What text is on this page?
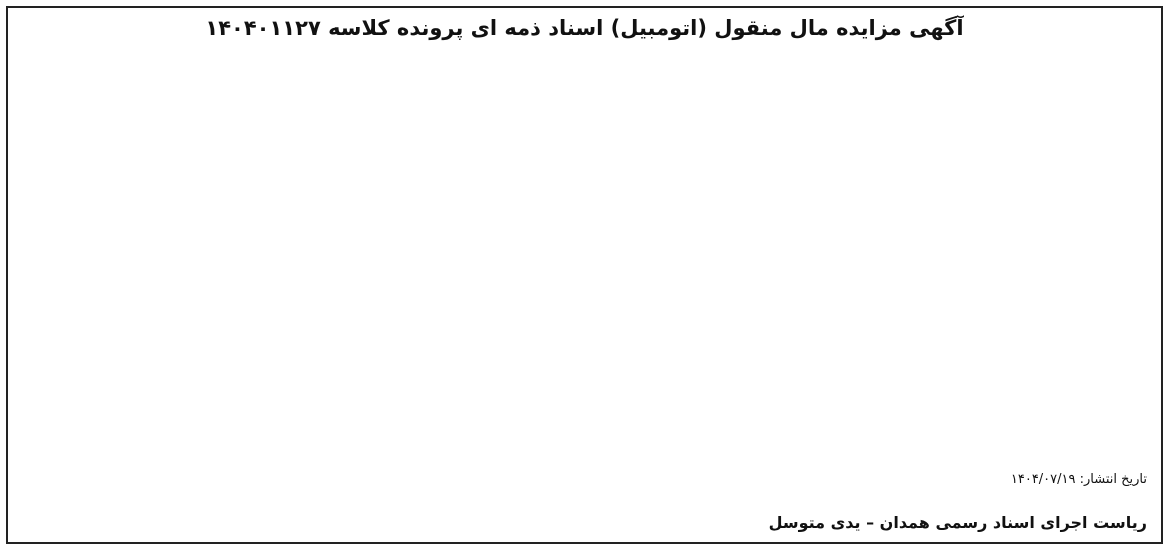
آگهی مزایده مال منقول (اتومبیل) اسناد ذمه ای پرونده کلاسه ۱۴۰۴۰۱۱۲۷
تاریخ انتشار: ۱۴۰۴/۰۷/۱۹
ریاست اجرای اسناد رسمی همدان – یدی متوسل
